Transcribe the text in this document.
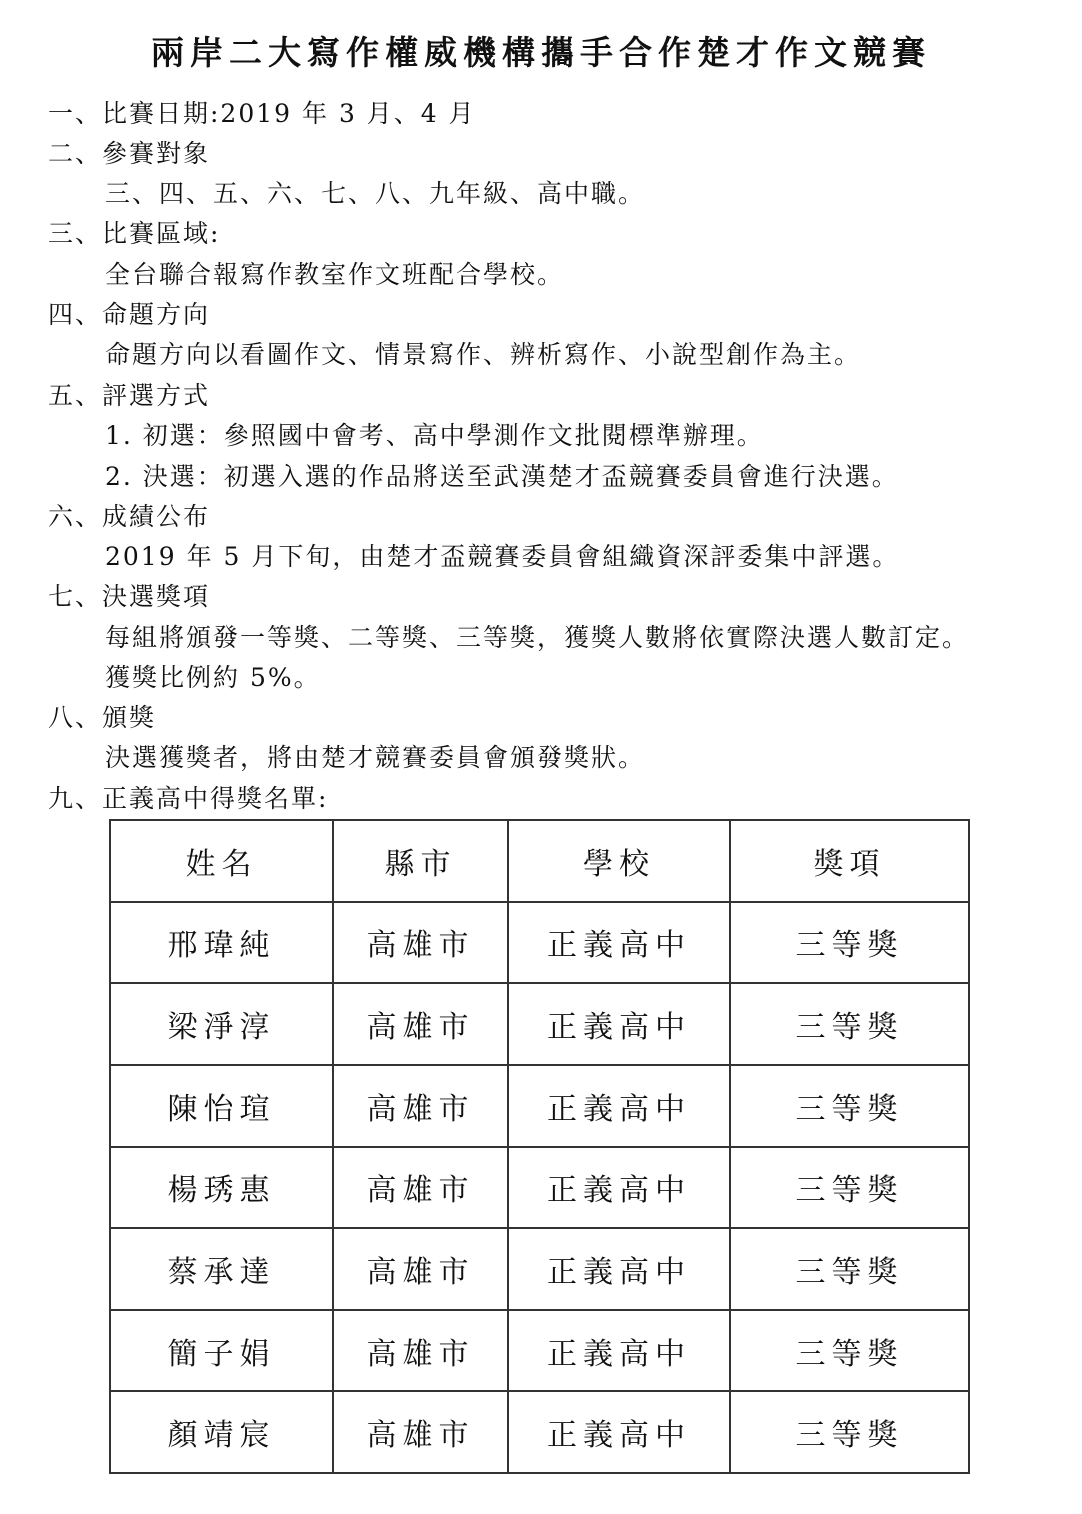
兩岸二大寫作權威機構攜手合作楚才作文競賽
一、比賽日期:2019 年 3 月、4 月
二、參賽對象
三、四、五、六、七、八、九年級、高中職。
三、比賽區域:
全台聯合報寫作教室作文班配合學校。
四、命題方向
命題方向以看圖作文、情景寫作、辨析寫作、小說型創作為主。
五、評選方式
1. 初選：參照國中會考、高中學測作文批閱標準辦理。
2. 決選：初選入選的作品將送至武漢楚才盃競賽委員會進行決選。
六、成績公布
2019 年 5 月下旬，由楚才盃競賽委員會組織資深評委集中評選。
七、決選獎項
每組將頒發一等獎、二等獎、三等獎，獲獎人數將依實際決選人數訂定。
獲獎比例約 5%。
八、頒獎
決選獲獎者，將由楚才競賽委員會頒發獎狀。
九、正義高中得獎名單:
姓名	縣市	學校	獎項
邢瑋純	高雄市	正義高中	三等獎
梁淨淳	高雄市	正義高中	三等獎
陳怡瑄	高雄市	正義高中	三等獎
楊琇惠	高雄市	正義高中	三等獎
蔡承達	高雄市	正義高中	三等獎
簡子娟	高雄市	正義高中	三等獎
顏靖宸	高雄市	正義高中	三等獎
